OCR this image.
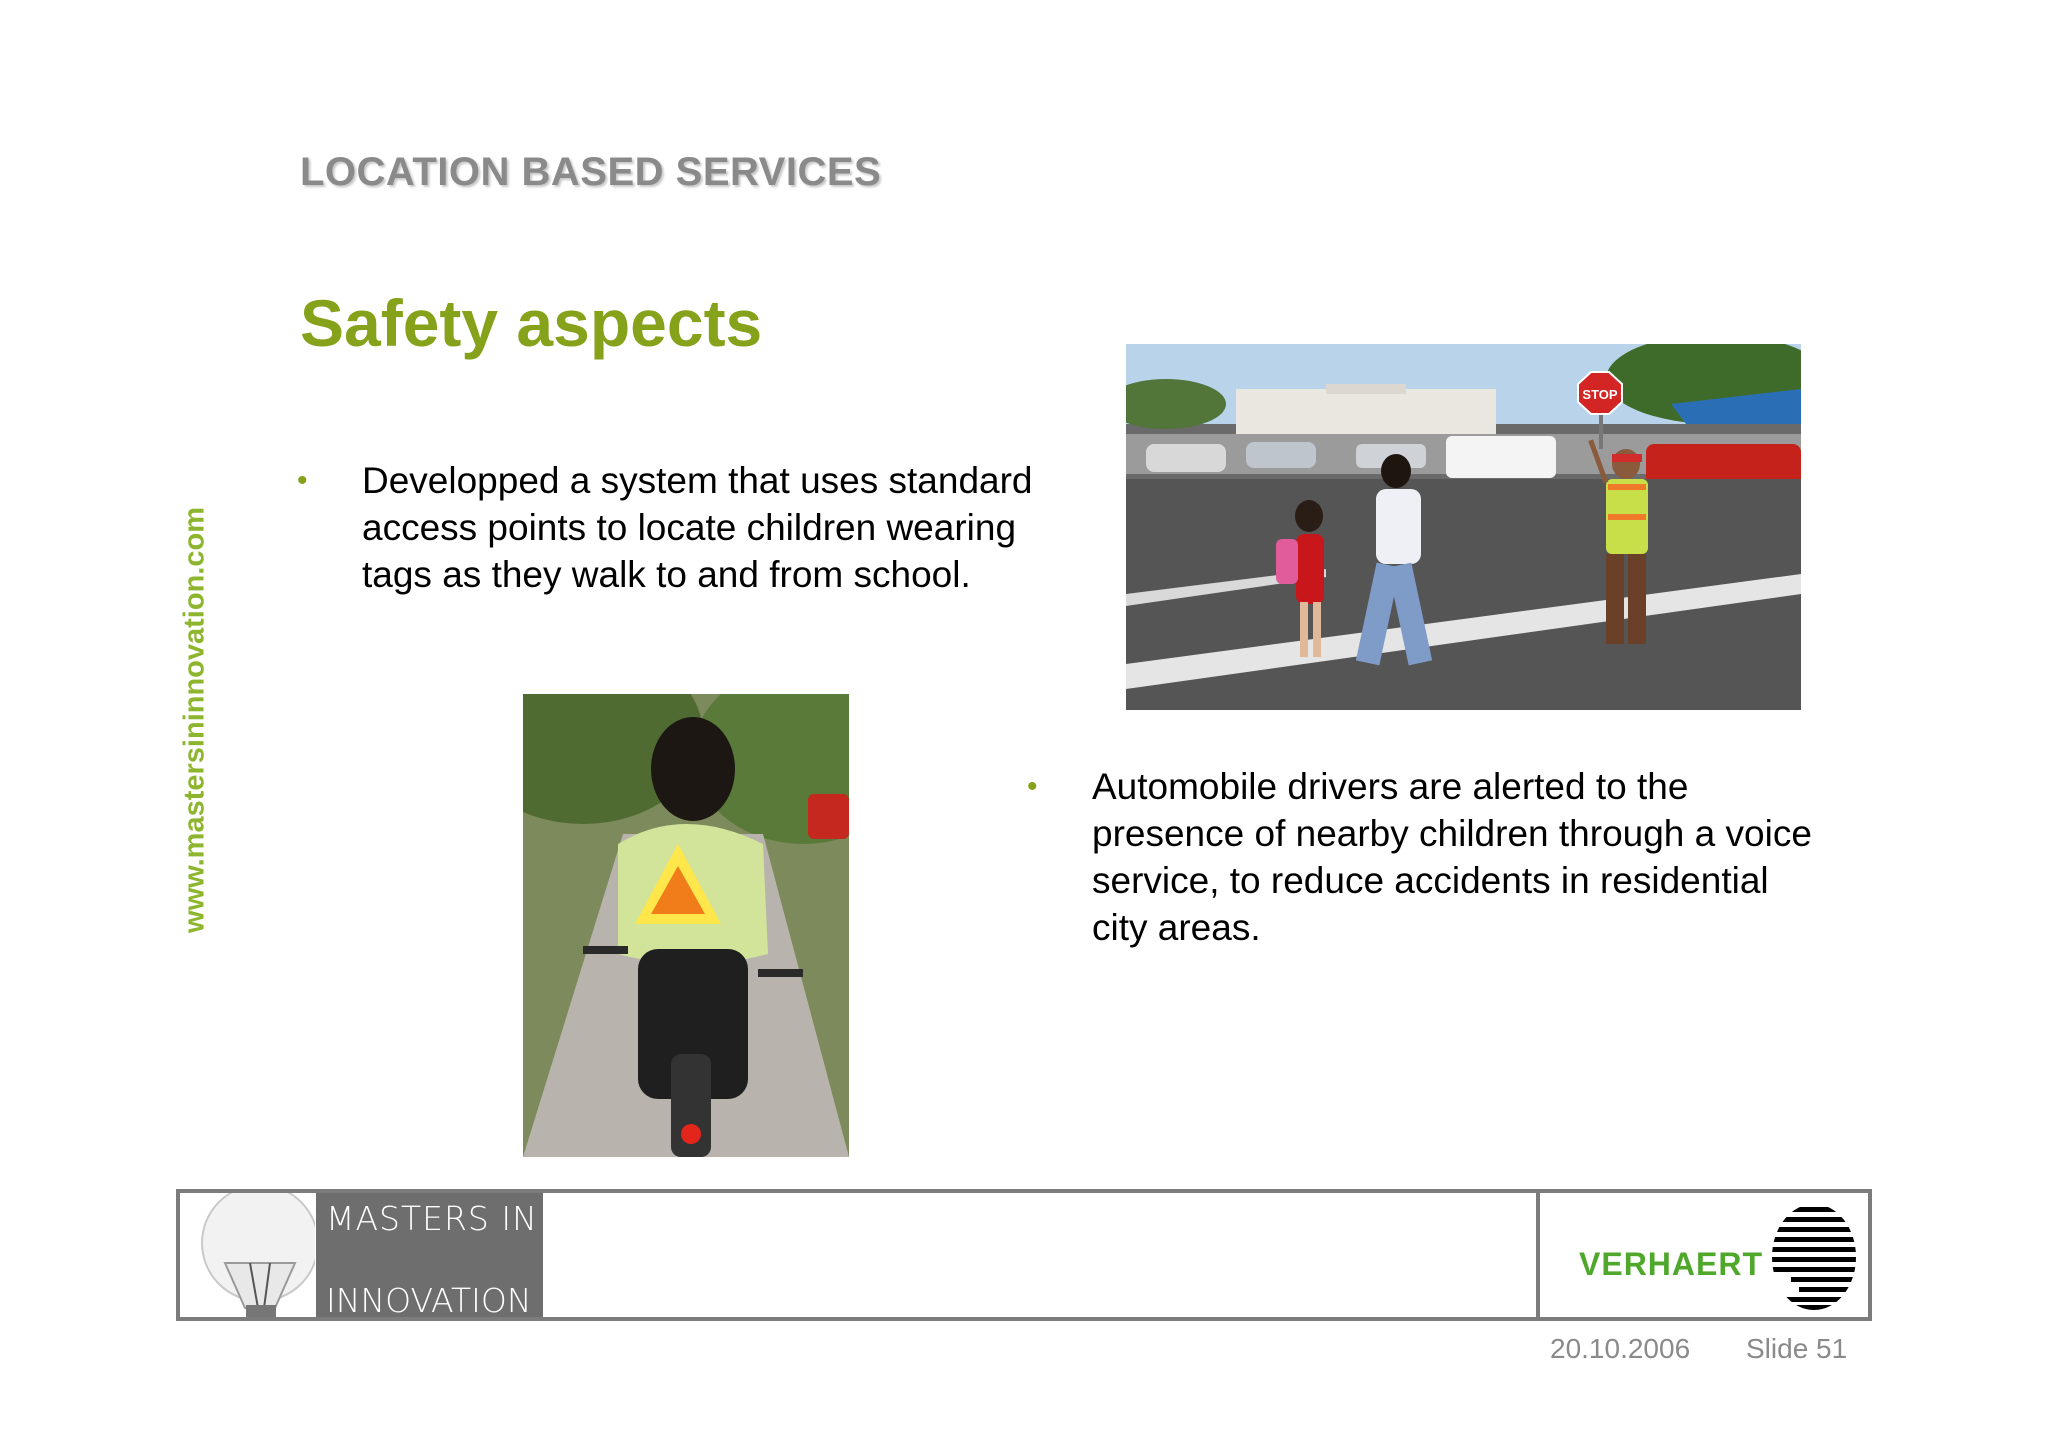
LOCATION BASED SERVICES
Safety aspects
www.mastersininnovation.com
• Developped a system that uses standard
access points to locate children wearing
tags as they walk to and from school.
• Automobile drivers are alerted to the
presence of nearby children through a voice
service, to reduce accidents in residential
city areas.
STOP
MASTERS IN
INNOVATION
VERHAERT
20.10.2006 Slide 51
